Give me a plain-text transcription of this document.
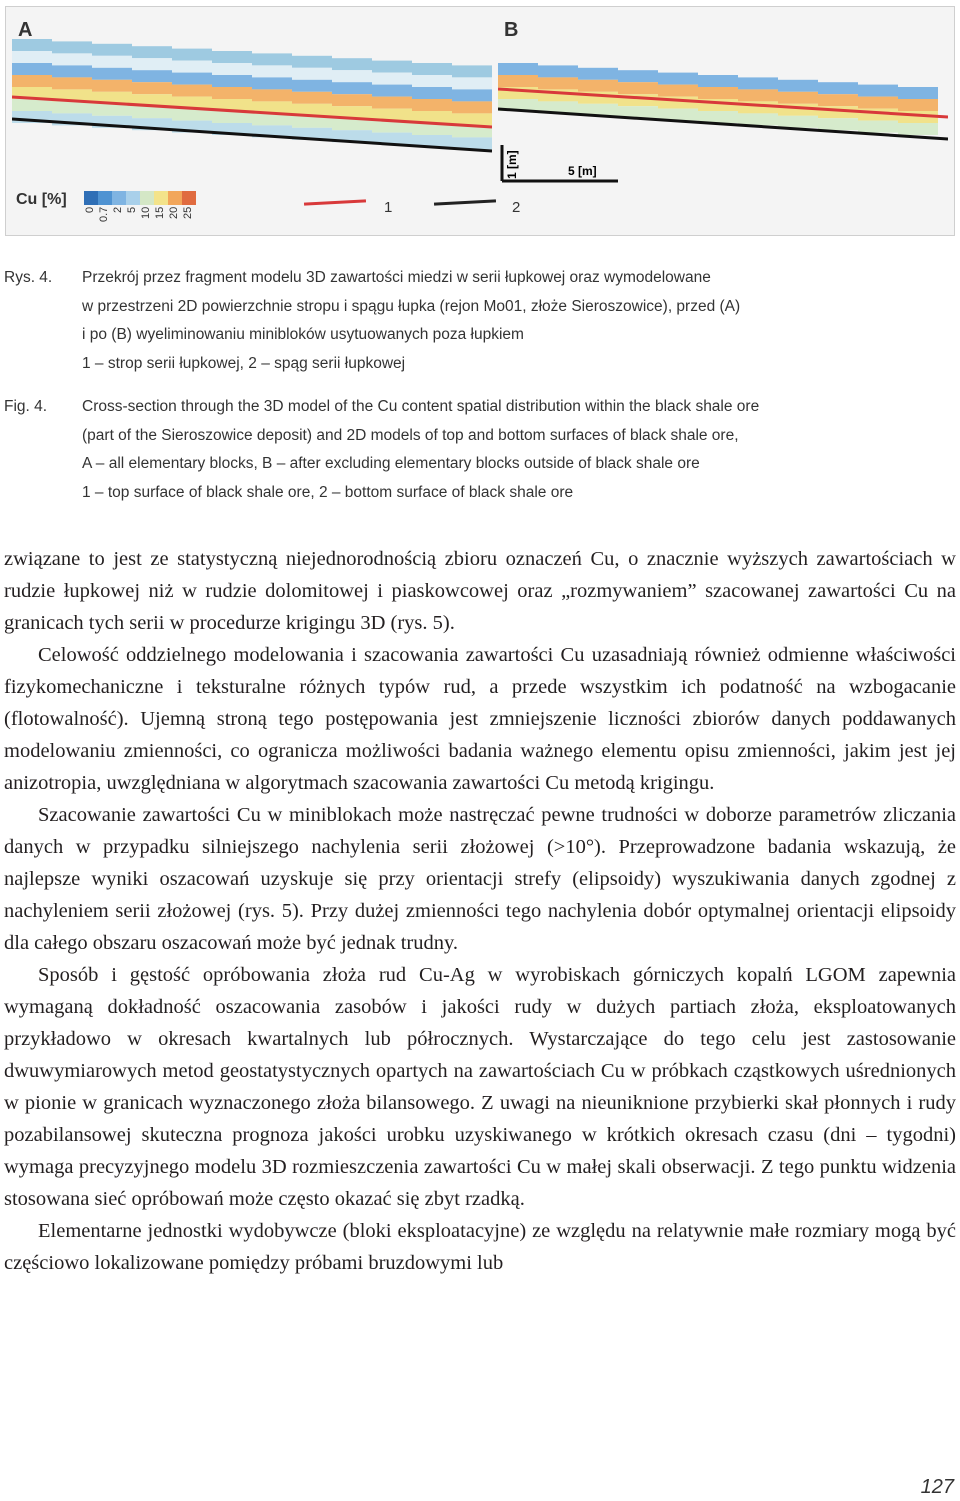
A	B
1 [m]	5 [m]
Cu [%]
0 0.7 2 5 10 15 20 25	1	2
Rys. 4.	Przekrój przez fragment modelu 3D zawartości miedzi w serii łupkowej oraz wymodelowane
w przestrzeni 2D powierzchnie stropu i spągu łupka (rejon Mo01, złoże Sieroszowice), przed (A)
i po (B) wyeliminowaniu minibloków usytuowanych poza łupkiem
1 – strop serii łupkowej, 2 – spąg serii łupkowej
Fig. 4.	Cross-section through the 3D model of the Cu content spatial distribution within the black shale ore
(part of the Sieroszowice deposit) and 2D models of top and bottom surfaces of black shale ore,
A – all elementary blocks, B – after excluding elementary blocks outside of black shale ore
1 – top surface of black shale ore, 2 – bottom surface of black shale ore

związane to jest ze statystyczną niejednorodnością zbioru oznaczeń Cu, o znacznie wyższych zawartościach w rudzie łupkowej niż w rudzie dolomitowej i piaskowcowej oraz „rozmywaniem” szacowanej zawartości Cu na granicach tych serii w procedurze krigingu 3D (rys. 5).

Celowość oddzielnego modelowania i szacowania zawartości Cu uzasadniają również odmienne właściwości fizykomechaniczne i teksturalne różnych typów rud, a przede wszystkim ich podatność na wzbogacanie (flotowalność). Ujemną stroną tego postępowania jest zmniejszenie liczności zbiorów danych poddawanych modelowaniu zmienności, co ogranicza możliwości badania ważnego elementu opisu zmienności, jakim jest jej anizotropia, uwzględniana w algorytmach szacowania zawartości Cu metodą krigingu.

Szacowanie zawartości Cu w miniblokach może nastręczać pewne trudności w doborze parametrów zliczania danych w przypadku silniejszego nachylenia serii złożowej (>10°). Przeprowadzone badania wskazują, że najlepsze wyniki oszacowań uzyskuje się przy orientacji strefy (elipsoidy) wyszukiwania danych zgodnej z nachyleniem serii złożowej (rys. 5). Przy dużej zmienności tego nachylenia dobór optymalnej orientacji elipsoidy dla całego obszaru oszacowań może być jednak trudny.

Sposób i gęstość opróbowania złoża rud Cu-Ag w wyrobiskach górniczych kopalń LGOM zapewnia wymaganą dokładność oszacowania zasobów i jakości rudy w dużych partiach złoża, eksploatowanych przykładowo w okresach kwartalnych lub półrocznych. Wystarczające do tego celu jest zastosowanie dwuwymiarowych metod geostatystycznych opartych na zawartościach Cu w próbkach cząstkowych uśrednionych w pionie w granicach wyznaczonego złoża bilansowego. Z uwagi na nieuniknione przybierki skał płonnych i rudy pozabilansowej skuteczna prognoza jakości urobku uzyskiwanego w krótkich okresach czasu (dni – tygodni) wymaga precyzyjnego modelu 3D rozmieszczenia zawartości Cu w małej skali obserwacji. Z tego punktu widzenia stosowana sieć opróbowań może często okazać się zbyt rzadką.

Elementarne jednostki wydobywcze (bloki eksploatacyjne) ze względu na relatywnie małe rozmiary mogą być częściowo lokalizowane pomiędzy próbami bruzdowymi lub

127
